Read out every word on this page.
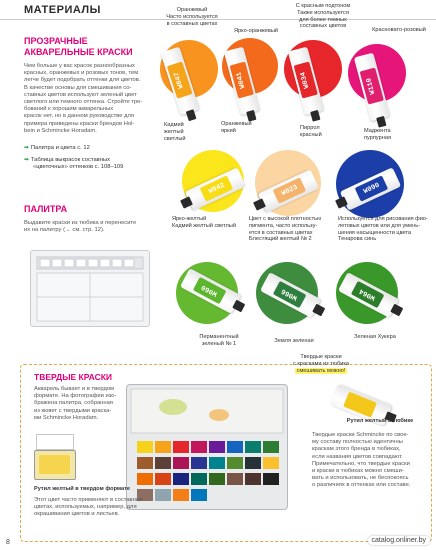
МАТЕРИАЛЫ
ПРОЗРАЧНЫЕ
АКВАРЕЛЬНЫЕ КРАСКИ
Чем больше у вас красок разнообразных
красных, оранжевых и розовых тонов, тем
легче будет подобрать оттенки для цветов.
В качестве основы для смешивания со-
ставных цветов используют зеленый цвет
светлого или темного оттенка. Стройте тре-
бований к хорошим акварельных
красок нет, но в данном руководстве для
примера приведены краски брендов Hol-
bein и Schmincke Horadam.
➡ Палитра и цвета с. 12
➡ Таблица выкрасок составных
«цветочных» оттенков с. 108–109
ПАЛИТРА
Выдавите краски из тюбика и перенесите
их на палитру (→ см. стр. 12).
W047	W041	W034	W110
Оранжевый
Часто используется
в составных цветах
Ярко-оранжевый
С красным подтоном
Также используется
для более темных
составных цветов
Красновато-розовый
Кадмий
желтый
светлый
Оранжевый
яркий	Пиррол
красный
Маджента
пурпурная
W042	W023	W090
Ярко-желтый
Кадмий желтый светлый
Цвет с высокой плотностью
пигмента, часто использу-
ется в составных цветах
Блестящий желтый № 2
Используется для рисования фио-
летовых цветов или для умень-
шения насыщенности цвета
Тенарова синь
W060	W066	W064
Перманентный
зеленый № 1	Земля зеленая
Зеленая Хукера
ТВЕРДЫЕ КРАСКИ
Акварель бывает и в твердом
формате. На фотографии изо-
бражена палитра, собранная
из кювет с твердыми краска-
ми Schmincke Horadam.
Рутил желтый в твердом формате
Этот цвет часто применяют в составных
цветах, используемых, например, для
окрашивания цветов и листьев.
Твердые краски
с красками из тюбика
смешивать можно!
Рутил желтый в тюбике
Твердые краски Schmincke по свое-
му составу полностью идентичны
краскам этого бренда в тюбиках,
если названия цветов совпадают.
Примечательно, что твердые краски
и краски в тюбиках можно смеши-
вать и использовать, не беспокоясь
о различиях в оттенках или составе.
8	catalog.onliner.by
